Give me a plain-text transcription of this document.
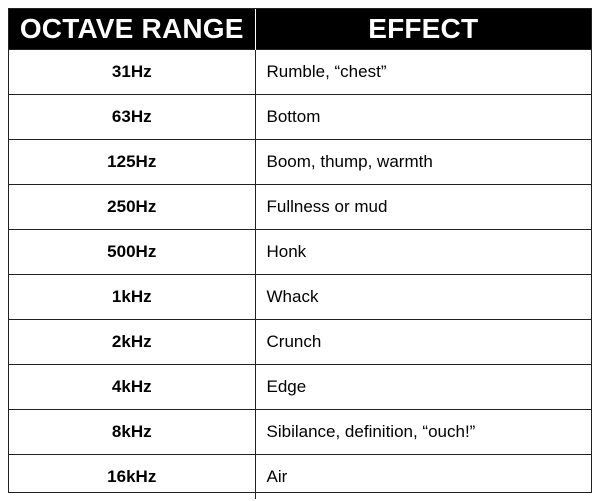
OCTAVE RANGE	EFFECT
31Hz	Rumble, “chest”
63Hz	Bottom
125Hz	Boom, thump, warmth
250Hz	Fullness or mud
500Hz	Honk
1kHz	Whack
2kHz	Crunch
4kHz	Edge
8kHz	Sibilance, definition, “ouch!”
16kHz	Air
